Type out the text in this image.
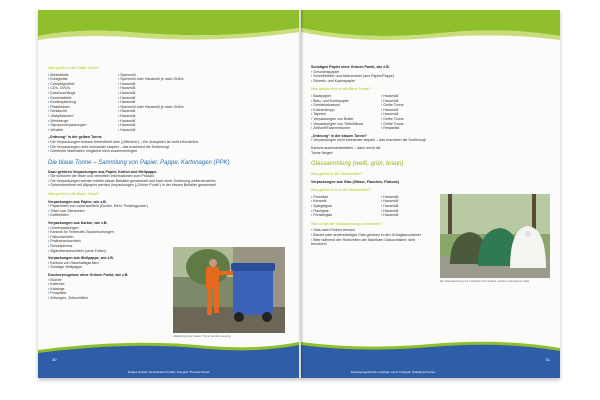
Was gehört in die Gelbe Tonne?
▪ Abdeckfolie	▪ Sperrmüll
▪ Kühlgeräte	▪ Sperrmüll oder Hausmüll je nach Größe
▪ Campingmöbel	▪ Hausmüll
▪ CD's, DVD's	▪ Hausmüll
▪ Duschvorhänge	▪ Hausmüll
▪ Gummistiefel	▪ Hausmüll
▪ Kinderspielzeug	▪ Hausmüll
▪ Plastikeimer	▪ Sperrmüll oder Hausmüll je nach Größe
▪ Schläuche	▪ Hausmüll
▪ „Babyflaschen“	▪ Hausmüll
▪ Werkzeuge	▪ Hausmüll
▪ Styroporverpackungen	▪ Hausmüll
▪ Windeln	▪ Hausmüll
„Ordnung“ in der gelben Tonne
▪ Die Verpackungen müssen leerentleert sein („löffelrein“) – Ein Ausspülen ist nicht erforderlich.
▪ Die Verpackungen nicht ineinander stapeln – das erschwert die Sortierung!
▪ Getrennte Materialien möglichst nicht zusammenlegen
Die blaue Tonne – Sammlung von Papier, Pappe, Kartonagen (PPK)
Dazu gehören Verpackungen aus Papier, Karton und Wellpappe.
▪ Sie schützen die Ware und vermitteln Informationen zum Produkt.
▪ Die Verpackungen werden mittels blauer Behälter gesammelt und nach einer Sortierung weiterverwertet.
▪ Gekennzeichnet mit Altpapier werden Verpackungen („Grüner Punkt“) in der blauen Behälter gesammelt.
Was gehört in die Blaue Tonne?
Verpackungen aus Papier, wie z.B.
▪ Papiertüten von Lebensmitteln (Zucker, Mehl, Puddingpulver)
▪ Tüten von Sämereien
▪ Kaffeetüten
Verpackungen aus Karton, wie z.B.
▪ Umverpackungen
▪ Kartons für Teebeutel, Backmischungen
▪ Faltschachteln
▪ Pralinenschachteln
▪ Schuhkartons
▪ Zigarettenschachteln (ohne Folien)
Verpackungen aus Wellpappe, wie z.B.
▪ Kartons von Haushaltsgeräten
▪ Sonstige Wellpappe
Druckerzeugnisse ohne Grünen Punkt, wie z.B.
▪ Bücher
▪ Kalender
▪ Kataloge
▪ Prospekte
▪ Zeitungen, Zeitschriften
Abbildung einer blauen Tonne bei der Leerung
30
Duales System Deutschland GmbH, Fotograf: Thomas Rosen
Sonstiges Papier ohne Grünen Punkt, wie z.B.
▪ Geschenkpapier
▪ Schreibhefter und Aktenordner (aus Papier/Pappe)
▪ Schreib- und Kopierpapier
Was gehört nicht in die Blaue Tonne?
▪ Backpapier	▪ Hausmüll
▪ Blau- und Kohlepapier	▪ Hausmüll
▪ Getränkekartons	▪ Gelbe Tonne
▪ Küchenkrepp	▪ Hausmüll
▪ Tapeten	▪ Hausmüll
▪ Verpackungen von Butter	▪ Gelbe Tonne
▪ Verpackungen von Tiefkühlkost	▪ Gelbe Tonne
▪ Zellstoff/Taschentücher	▪ Restabfall
„Ordnung“ in der blauen Tonne?
▪ Verpackungen nicht ineinander stapeln – das erschwert die Sortierung!
Kartons auseinanderfalten – dann reicht die Tonne länger!
Glassammlung (weiß, grün, braun)
Was gehört in die Glasbehälter?
Verpackungen aus Glas (Gläser, Flaschen, Flakons)
Was gehört nicht in die Glasbehälter?
▪ Porzellan	▪ Hausmüll
▪ Keramik	▪ Hausmüll
▪ Spiegelglas	▪ Hausmüll
▪ Flachglas	▪ Hausmüll
▪ Fensterglas	▪ Hausmüll
Was ist bei der Glassammlung zu beachten?
▪ Glas nach Farben trennen
▪ Blaues oder andersfarbiges Glas gehören in den Grünglascontainer
▪ Bitte während der Ruhezeiten der Nachbarn Glascontainer nicht benutzen!
Die Glassammlung mit Containern für weißes, grünes und braunes Glas
Entsorgungsbetrieb Leipziger Land, Fotograf: Wolfgang Fischer
31
